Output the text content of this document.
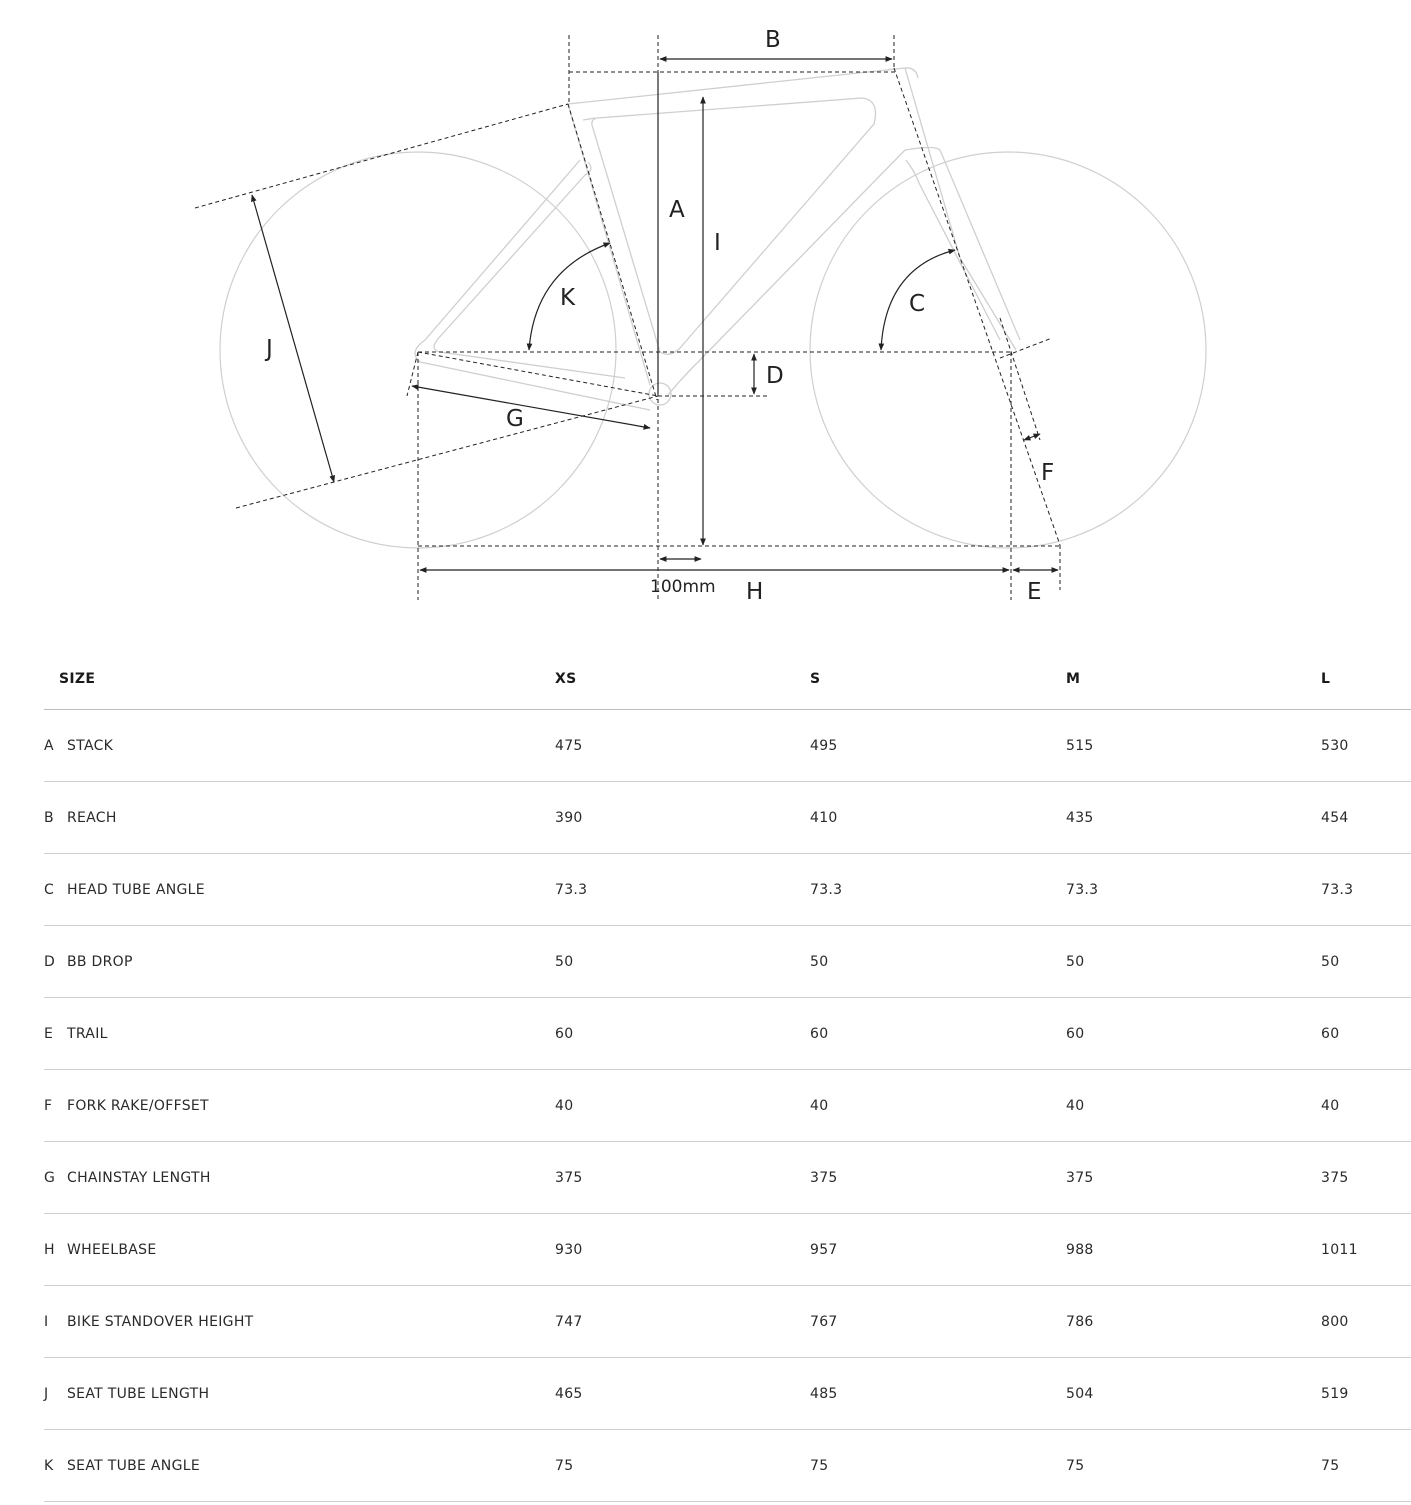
B
A
I
K	C
D
J
G
F
100mm H	E
SIZE	XS	S	M	L
A STACK	475	495	515	530
B REACH	390	410	435	454
C HEAD TUBE ANGLE	73.3	73.3	73.3	73.3
D BB DROP	50	50	50	50
E TRAIL	60	60	60	60
F	FORK RAKE/OFFSET	40	40	40	40
G CHAINSTAY LENGTH	375	375	375	375
H WHEELBASE	930	957	988	1011
I	BIKE STANDOVER HEIGHT	747	767	786	800
J	SEAT TUBE LENGTH	465	485	504	519
K SEAT TUBE ANGLE	75	75	75	75
